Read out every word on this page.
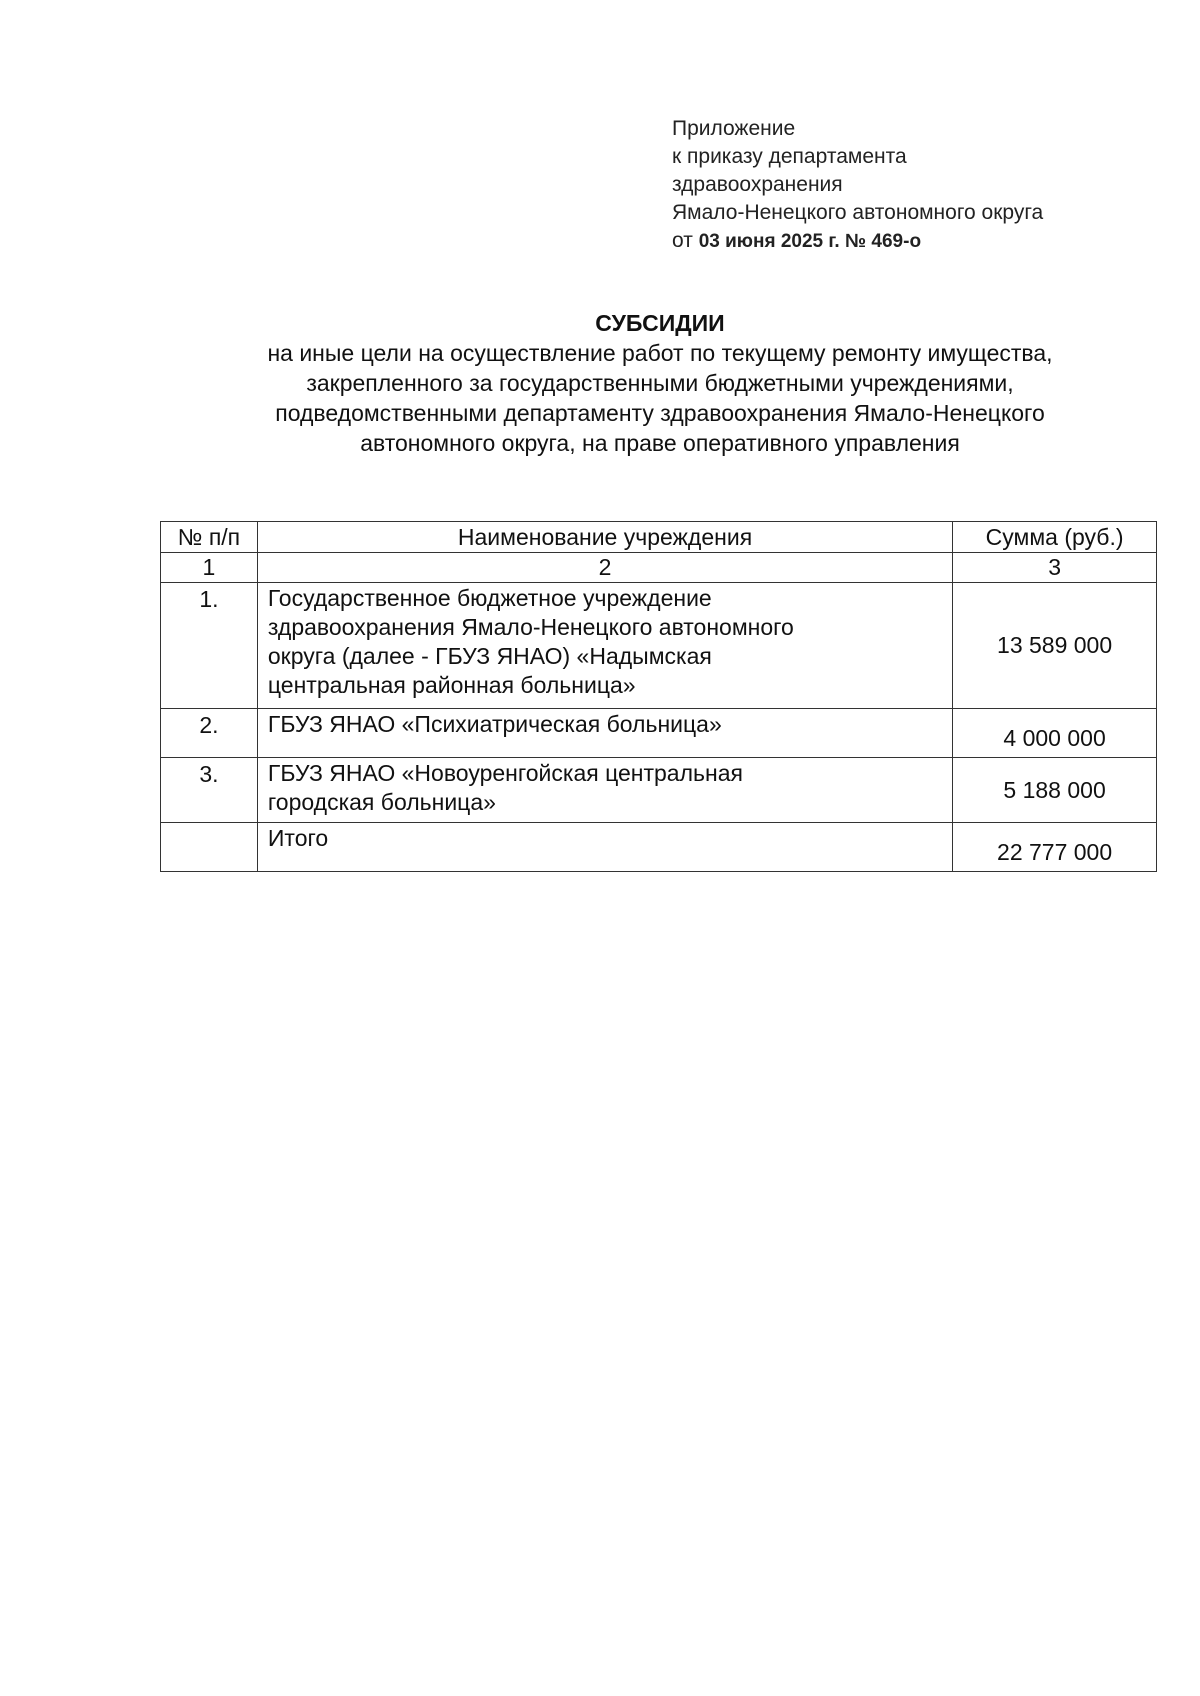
Приложение
к приказу департамента
здравоохранения
Ямало-Ненецкого автономного округа
от 03 июня 2025 г. № 469-о

СУБСИДИИ

на иные цели на осуществление работ по текущему ремонту имущества,
закрепленного за государственными бюджетными учреждениями,
подведомственными департаменту здравоохранения Ямало-Ненецкого
автономного округа, на праве оперативного управления

№ п/п	Наименование учреждения	Сумма (руб.)
1	2	3
1.	Государственное бюджетное учреждение
здравоохранения Ямало-Ненецкого автономного
округа (далее - ГБУЗ ЯНАО) «Надымская
центральная районная больница»	13 589 000
2.	ГБУЗ ЯНАО «Психиатрическая больница»	4 000 000
3.	ГБУЗ ЯНАО «Новоуренгойская центральная
городская больница»	5 188 000
	Итого	22 777 000
